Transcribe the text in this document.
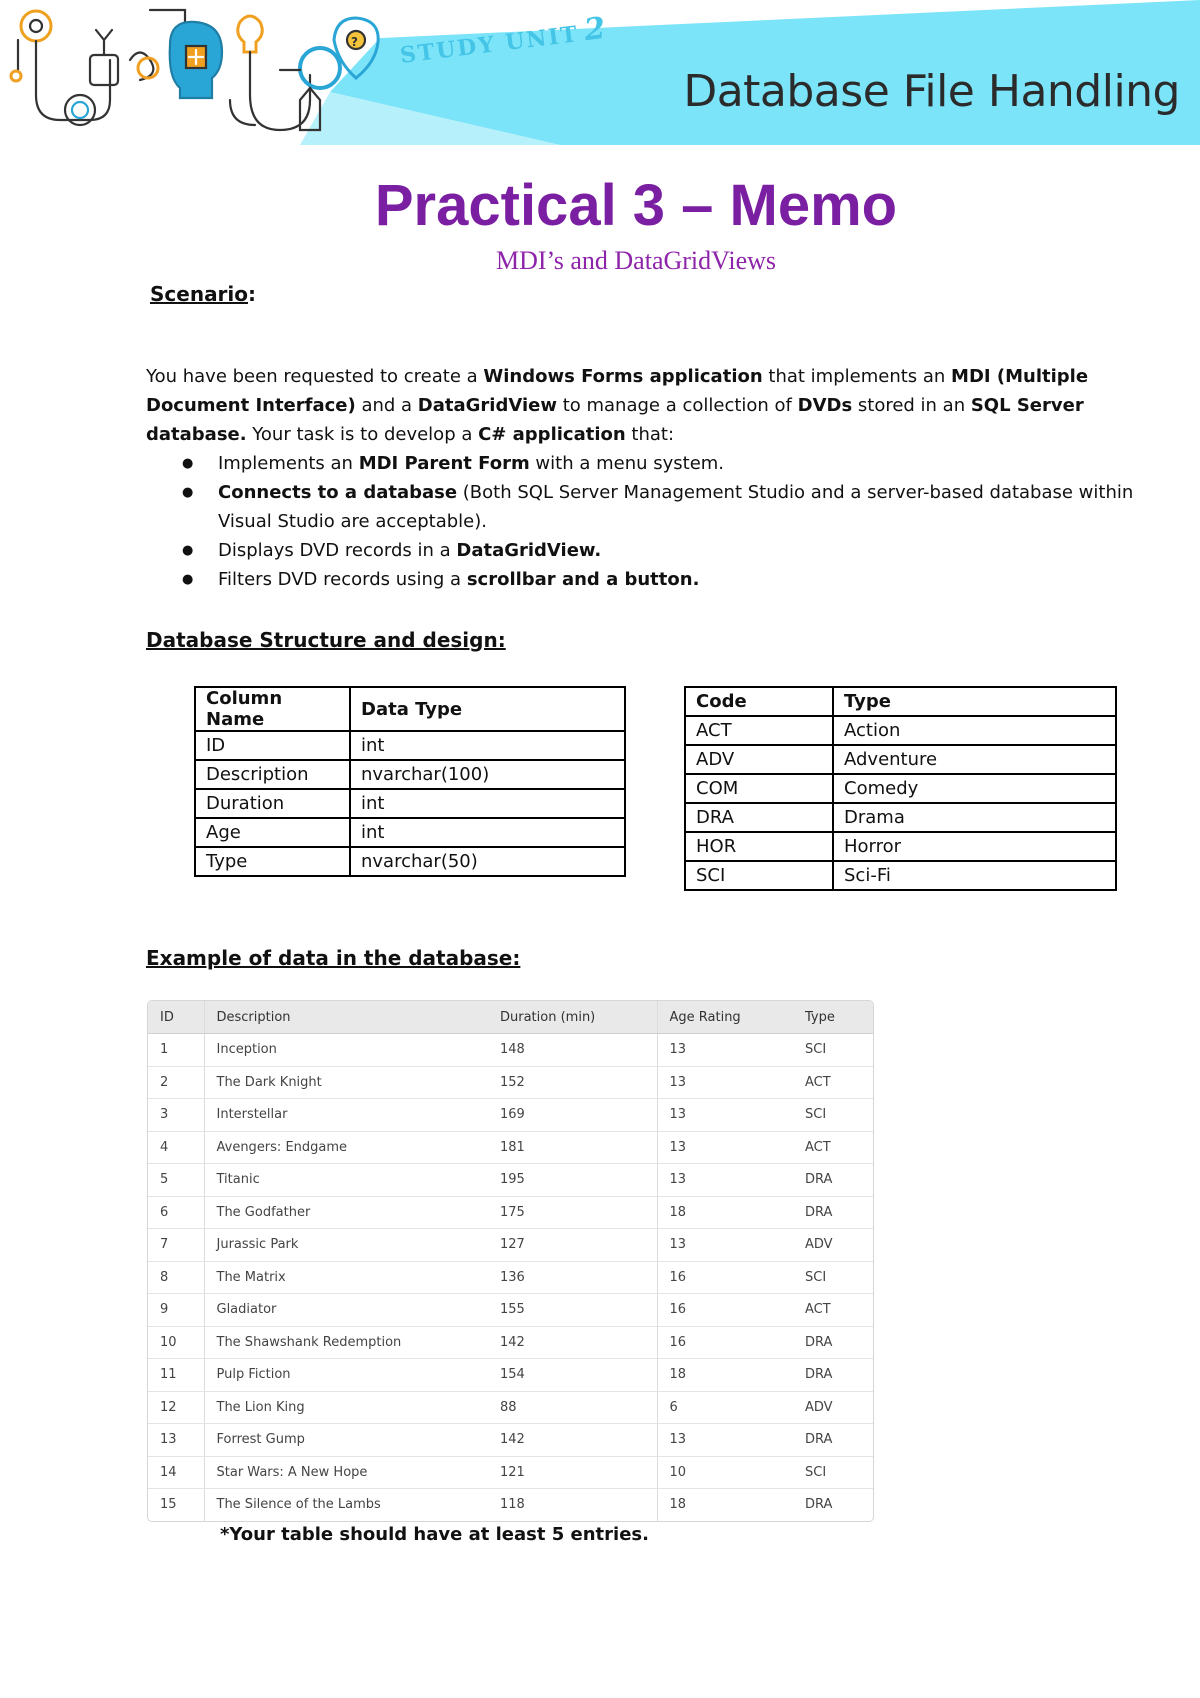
? STUDY UNIT2
Database File Handling
Practical 3 – Memo
MDI’s and DataGridViews
Scenario:
You have been requested to create a Windows Forms application that implements an MDI (Multiple Document Interface) and a DataGridView to manage a collection of DVDs stored in an SQL Server database. Your task is to develop a C# application that:
● Implements an MDI Parent Form with a menu system.
● Connects to a database (Both SQL Server Management Studio and a server-based database within Visual Studio are acceptable).
● Displays DVD records in a DataGridView.
● Filters DVD records using a scrollbar and a button.
Database Structure and design:
Column Name	Data Type
ID	int
Description	nvarchar(100)
Duration	int
Age	int
Type	nvarchar(50)
Code	Type
ACT	Action
ADV	Adventure
COM	Comedy
DRA	Drama
HOR	Horror
SCI	Sci-Fi
Example of data in the database:
ID	Description	Duration (min)	Age Rating	Type
1	Inception	148	13	SCI
2	The Dark Knight	152	13	ACT
3	Interstellar	169	13	SCI
4	Avengers: Endgame	181	13	ACT
5	Titanic	195	13	DRA
6	The Godfather	175	18	DRA
7	Jurassic Park	127	13	ADV
8	The Matrix	136	16	SCI
9	Gladiator	155	16	ACT
10	The Shawshank Redemption	142	16	DRA
11	Pulp Fiction	154	18	DRA
12	The Lion King	88	6	ADV
13	Forrest Gump	142	13	DRA
14	Star Wars: A New Hope	121	10	SCI
15	The Silence of the Lambs	118	18	DRA
*Your table should have at least 5 entries.
